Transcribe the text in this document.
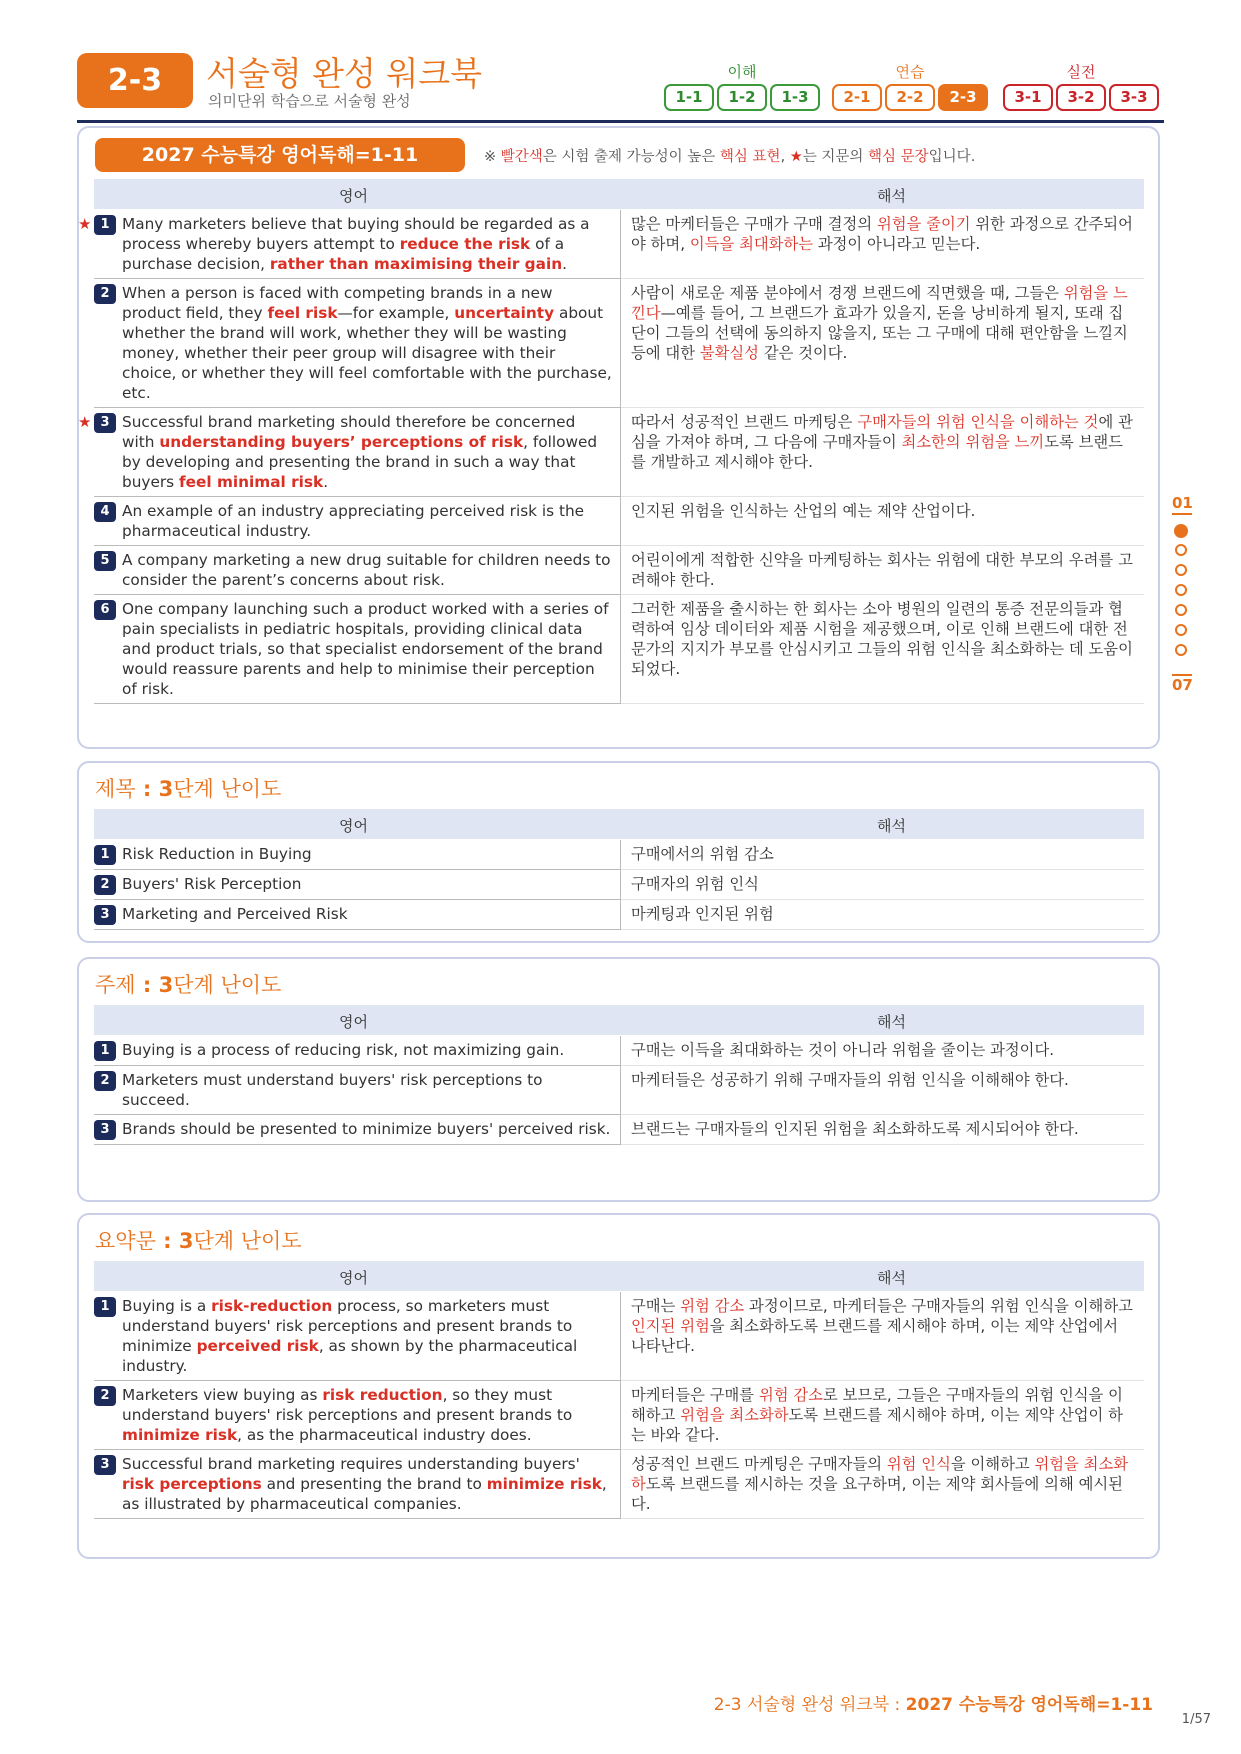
2-3	서술형 완성 워크북
의미단위 학습으로 서술형 완성
이해
1-1	1-2	1-3
연습
2-1	2-2	2-3
실전
3-1	3-2	3-3
2027 수능특강 영어독해=1-11	※ 빨간색은 시험 출제 가능성이 높은 핵심 표현, ★는 지문의 핵심 문장입니다.
영어	해석
★ 1 Many marketers believe that buying should be regarded as a process whereby buyers attempt to reduce the risk of a purchase decision, rather than maximising their gain.	많은 마케터들은 구매가 구매 결정의 위험을 줄이기 위한 과정으로 간주되어야 하며, 이득을 최대화하는 과정이 아니라고 믿는다.

2 When a person is faced with competing brands in a new product field, they feel risk—for example, uncertainty about whether the brand will work, whether they will be wasting money, whether their peer group will disagree with their choice, or whether they will feel comfortable with the purchase, etc.	사람이 새로운 제품 분야에서 경쟁 브랜드에 직면했을 때, 그들은 위험을 느낀다—예를 들어, 그 브랜드가 효과가 있을지, 돈을 낭비하게 될지, 또래 집단이 그들의 선택에 동의하지 않을지, 또는 그 구매에 대해 편안함을 느낄지 등에 대한 불확실성 같은 것이다.

★ 3 Successful brand marketing should therefore be concerned with understanding buyers’ perceptions of risk, followed by developing and presenting the brand in such a way that buyers feel minimal risk.	따라서 성공적인 브랜드 마케팅은 구매자들의 위험 인식을 이해하는 것에 관심을 가져야 하며, 그 다음에 구매자들이 최소한의 위험을 느끼도록 브랜드를 개발하고 제시해야 한다.

4 An example of an industry appreciating perceived risk is the pharmaceutical industry.	인지된 위험을 인식하는 산업의 예는 제약 산업이다.

5 A company marketing a new drug suitable for children needs to consider the parent’s concerns about risk.	어린이에게 적합한 신약을 마케팅하는 회사는 위험에 대한 부모의 우려를 고려해야 한다.

6 One company launching such a product worked with a series of pain specialists in pediatric hospitals, providing clinical data and product trials, so that specialist endorsement of the brand would reassure parents and help to minimise their perception of risk.	그러한 제품을 출시하는 한 회사는 소아 병원의 일련의 통증 전문의들과 협력하여 임상 데이터와 제품 시험을 제공했으며, 이로 인해 브랜드에 대한 전문가의 지지가 부모를 안심시키고 그들의 위험 인식을 최소화하는 데 도움이 되었다.
제목 : 3단계 난이도
영어	해석
1 Risk Reduction in Buying	구매에서의 위험 감소

2 Buyers' Risk Perception	구매자의 위험 인식

3 Marketing and Perceived Risk	마케팅과 인지된 위험
주제 : 3단계 난이도
영어	해석
1 Buying is a process of reducing risk, not maximizing gain.	구매는 이득을 최대화하는 것이 아니라 위험을 줄이는 과정이다.

2 Marketers must understand buyers' risk perceptions to succeed.	마케터들은 성공하기 위해 구매자들의 위험 인식을 이해해야 한다.

3 Brands should be presented to minimize buyers' perceived risk.	브랜드는 구매자들의 인지된 위험을 최소화하도록 제시되어야 한다.
요약문 : 3단계 난이도
영어	해석
1 Buying is a risk-reduction process, so marketers must understand buyers' risk perceptions and present brands to minimize perceived risk, as shown by the pharmaceutical industry.	구매는 위험 감소 과정이므로, 마케터들은 구매자들의 위험 인식을 이해하고 인지된 위험을 최소화하도록 브랜드를 제시해야 하며, 이는 제약 산업에서 나타난다.

2 Marketers view buying as risk reduction, so they must understand buyers' risk perceptions and present brands to minimize risk, as the pharmaceutical industry does.	마케터들은 구매를 위험 감소로 보므로, 그들은 구매자들의 위험 인식을 이해하고 위험을 최소화하도록 브랜드를 제시해야 하며, 이는 제약 산업이 하는 바와 같다.

3 Successful brand marketing requires understanding buyers' risk perceptions and presenting the brand to minimize risk, as illustrated by pharmaceutical companies.	성공적인 브랜드 마케팅은 구매자들의 위험 인식을 이해하고 위험을 최소화하도록 브랜드를 제시하는 것을 요구하며, 이는 제약 회사들에 의해 예시된다.
01
07
2-3 서술형 완성 워크북 : 2027 수능특강 영어독해=1-11
1/57
